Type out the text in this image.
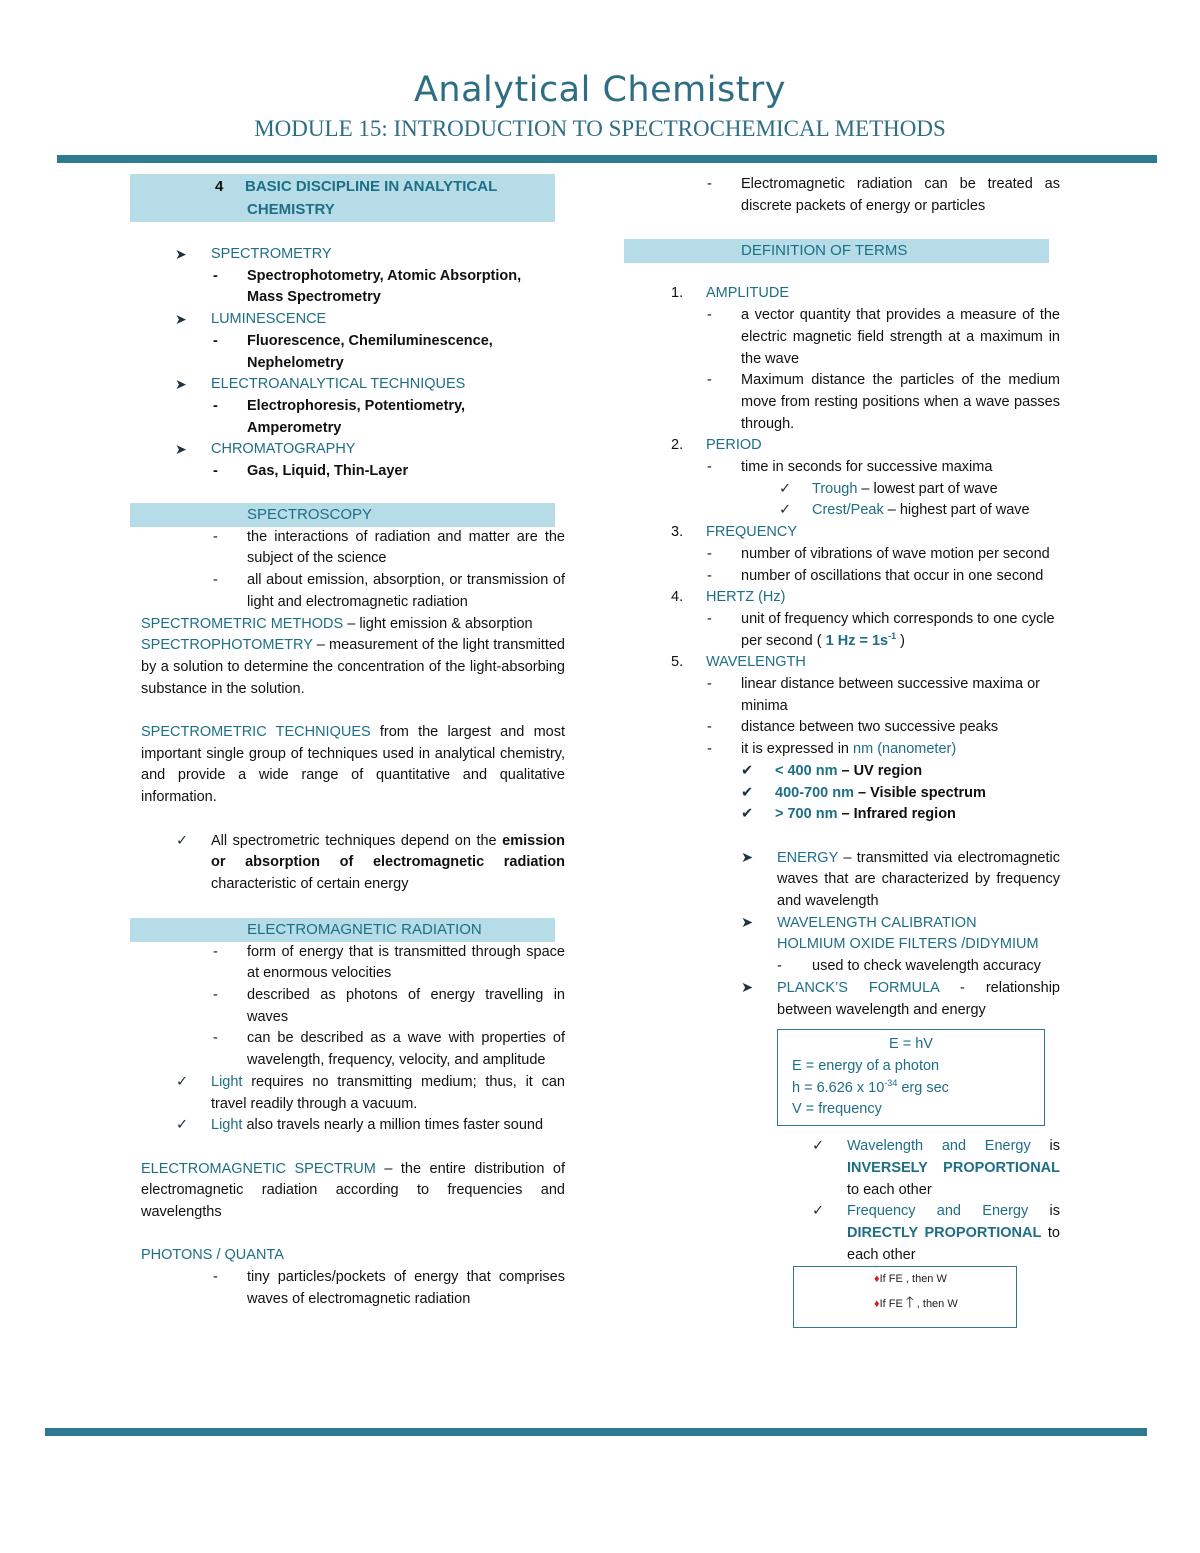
Analytical Chemistry
MODULE 15: INTRODUCTION TO SPECTROCHEMICAL METHODS
4 BASIC DISCIPLINE IN ANALYTICAL
CHEMISTRY
➤ SPECTROMETRY
- Spectrophotometry, Atomic Absorption,
Mass Spectrometry
➤ LUMINESCENCE
- Fluorescence, Chemiluminescence,
Nephelometry
➤ ELECTROANALYTICAL TECHNIQUES
- Electrophoresis, Potentiometry,
Amperometry
➤ CHROMATOGRAPHY
- Gas, Liquid, Thin-Layer
SPECTROSCOPY
- the interactions of radiation and matter are the subject of the science
- all about emission, absorption, or transmission of light and electromagnetic radiation
SPECTROMETRIC METHODS – light emission & absorption
SPECTROPHOTOMETRY – measurement of the light transmitted by a solution to determine the concentration of the light-absorbing substance in the solution.
SPECTROMETRIC TECHNIQUES from the largest and most important single group of techniques used in analytical chemistry, and provide a wide range of quantitative and qualitative information.
✓ All spectrometric techniques depend on the emission or absorption of electromagnetic radiation characteristic of certain energy
ELECTROMAGNETIC RADIATION
- form of energy that is transmitted through space at enormous velocities
- described as photons of energy travelling in waves
- can be described as a wave with properties of wavelength, frequency, velocity, and amplitude
✓ Light requires no transmitting medium; thus, it can travel readily through a vacuum.
✓ Light also travels nearly a million times faster sound
ELECTROMAGNETIC SPECTRUM – the entire distribution of electromagnetic radiation according to frequencies and wavelengths
PHOTONS / QUANTA
- tiny particles/pockets of energy that comprises waves of electromagnetic radiation
- Electromagnetic radiation can be treated as discrete packets of energy or particles
DEFINITION OF TERMS
1. AMPLITUDE
- a vector quantity that provides a measure of the electric magnetic field strength at a maximum in the wave
- Maximum distance the particles of the medium move from resting positions when a wave passes through.
2. PERIOD
- time in seconds for successive maxima
✓ Trough – lowest part of wave
✓ Crest/Peak – highest part of wave
3. FREQUENCY
- number of vibrations of wave motion per second
- number of oscillations that occur in one second
4. HERTZ (Hz)
- unit of frequency which corresponds to one cycle per second ( 1 $Hz = 1s^{-1}$ )
5. WAVELENGTH
- linear distance between successive maxima or minima
- distance between two successive peaks
- it is expressed in nm (nanometer)
✔ < 400 nm – UV region
✔ 400-700 nm – Visible spectrum
✔ > 700 nm – Infrared region
➤ ENERGY – transmitted via electromagnetic waves that are characterized by frequency and wavelength
➤ WAVELENGTH CALIBRATION
HOLMIUM OXIDE FILTERS /DIDYMIUM
- used to check wavelength accuracy
➤ PLANCK’S FORMULA - relationship between wavelength and energy
E = hV
E = energy of a photon
h = 6.626 x $10^{-34}$ erg sec
V = frequency
✓ Wavelength and Energy is INVERSELY PROPORTIONAL to each other
✓ Frequency and Energy is DIRECTLY PROPORTIONAL to each other
♦If FE , then W
♦If FE 🡑 , then W
